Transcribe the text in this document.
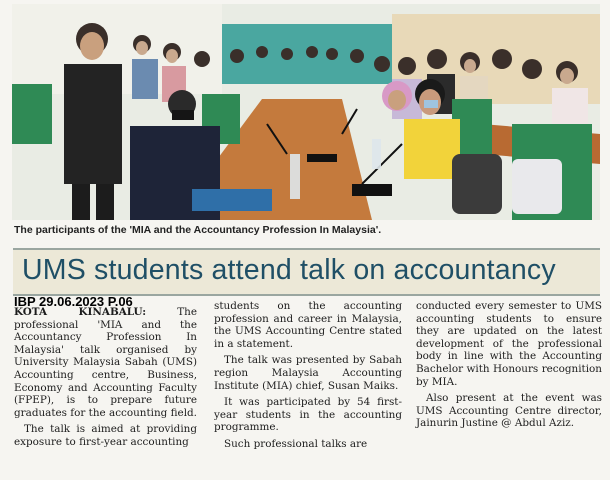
The participants of the 'MIA and the Accountancy Profession In Malaysia'.
UMS students attend talk on accountancy
IBP 29.06.2023 P.06

KOTA KINABALU:	The professional 'MIA and the Accountancy Profession In Malaysia' talk organised by University Malaysia Sabah (UMS) Accounting centre, Business, Economy and Accounting Faculty (FPEP), is to prepare future graduates for the accounting field.

The talk is aimed at providing exposure to first-year accounting

students on the accounting profession and career in Malaysia, the UMS Accounting Centre stated in a statement.

The talk was presented by Sabah region Malaysia Accounting Institute (MIA) chief, Susan Maiks.

It was participated by 54 first-year students in the accounting programme.

Such professional talks are

conducted every semester to UMS accounting students to ensure they are updated on the latest development of the professional body in line with the Accounting Bachelor with Honours recognition by MIA.

Also present at the event was UMS Accounting Centre director, Jainurin Justine @ Abdul Aziz.
